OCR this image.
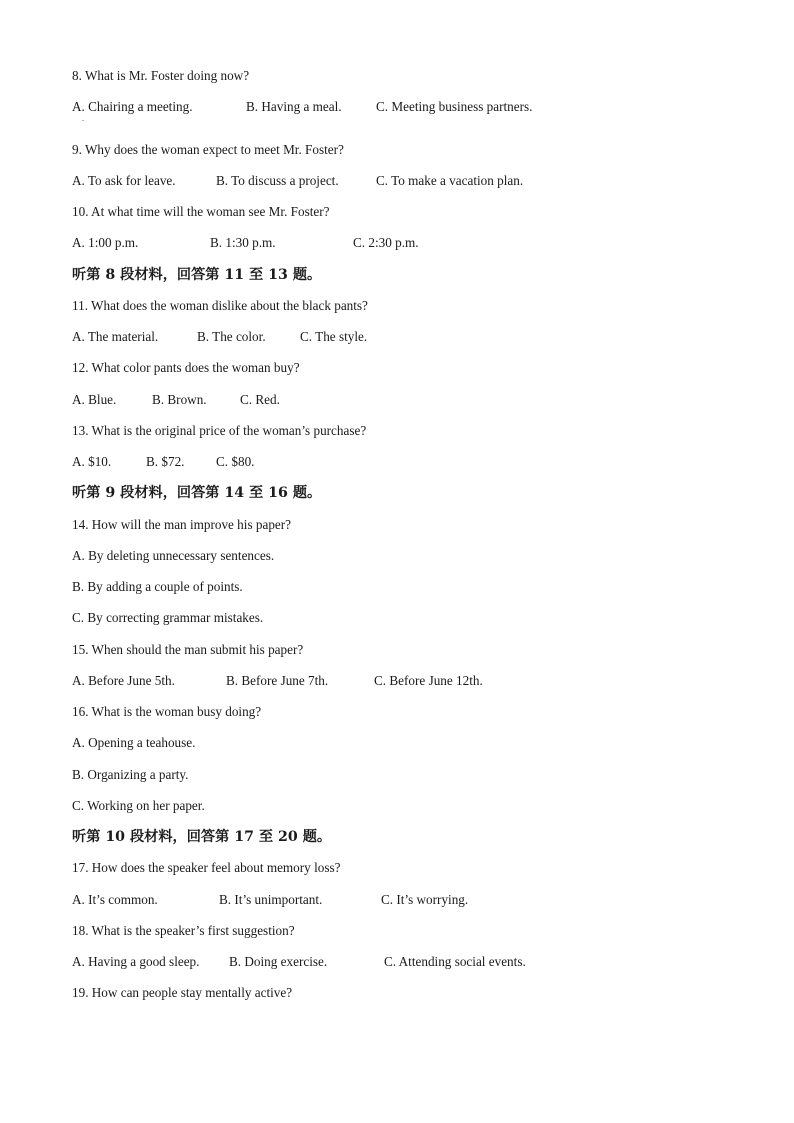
8. What is Mr. Foster doing now?
A. Chairing a meeting.	B. Having a meal.	C. Meeting business partners.
.
9. Why does the woman expect to meet Mr. Foster?
A. To ask for leave.	B. To discuss a project.	C. To make a vacation plan.
10. At what time will the woman see Mr. Foster?
A. 1:00 p.m.	B. 1:30 p.m.	C. 2:30 p.m.
听第 8 段材料，回答第 11 至 13 题。
11. What does the woman dislike about the black pants?
A. The material.	B. The color.	C. The style.
12. What color pants does the woman buy?
A. Blue.	B. Brown.	C. Red.
13. What is the original price of the woman’s purchase?
A. $10.	B. $72. C. $80.
听第 9 段材料，回答第 14 至 16 题。
14. How will the man improve his paper?
A. By deleting unnecessary sentences.
B. By adding a couple of points.
C. By correcting grammar mistakes.
15. When should the man submit his paper?
A. Before June 5th.	B. Before June 7th.	C. Before June 12th.
16. What is the woman busy doing?
A. Opening a teahouse.
B. Organizing a party.
C. Working on her paper.
听第 10 段材料，回答第 17 至 20 题。
17. How does the speaker feel about memory loss?
A. It’s common.	B. It’s unimportant.	C. It’s worrying.
18. What is the speaker’s first suggestion?
A. Having a good sleep. B. Doing exercise.	C. Attending social events.
19. How can people stay mentally active?
